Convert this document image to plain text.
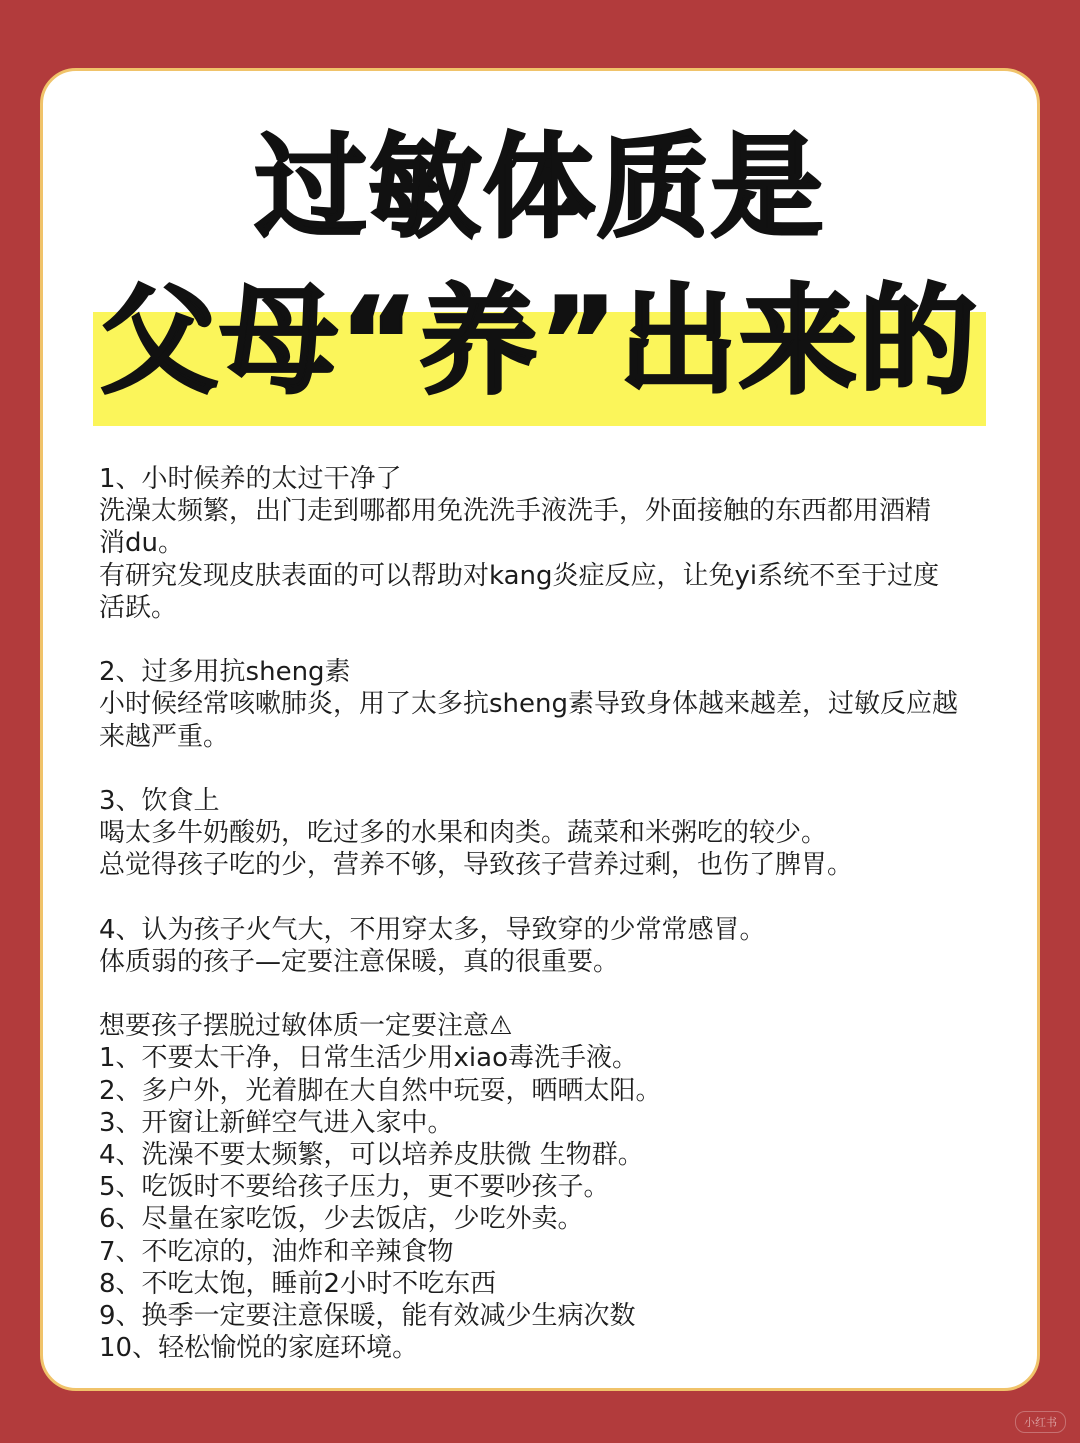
过敏体质是
父母“养”出来的
1、小时候养的太过干净了
洗澡太频繁，出门走到哪都用免洗洗手液洗手，外面接触的东西都用酒精
消du。
有研究发现皮肤表面的可以帮助对kang炎症反应，让免yi系统不至于过度
活跃。
2、过多用抗sheng素
小时候经常咳嗽肺炎，用了太多抗sheng素导致身体越来越差，过敏反应越
来越严重。
3、饮食上
喝太多牛奶酸奶，吃过多的水果和肉类。蔬菜和米粥吃的较少。
总觉得孩子吃的少，营养不够，导致孩子营养过剩，也伤了脾胃。
4、认为孩子火气大，不用穿太多，导致穿的少常常感冒。
体质弱的孩子—定要注意保暖，真的很重要。
想要孩子摆脱过敏体质一定要注意⚠
1、不要太干净，日常生活少用xiao毒洗手液。
2、多户外，光着脚在大自然中玩耍，晒晒太阳。
3、开窗让新鲜空气进入家中。
4、洗澡不要太频繁，可以培养皮肤微 生物群。
5、吃饭时不要给孩子压力，更不要吵孩子。
6、尽量在家吃饭，少去饭店，少吃外卖。
7、不吃凉的，油炸和辛辣食物
8、不吃太饱，睡前2小时不吃东西
9、换季一定要注意保暖，能有效减少生病次数
10、轻松愉悦的家庭环境。
小红书
